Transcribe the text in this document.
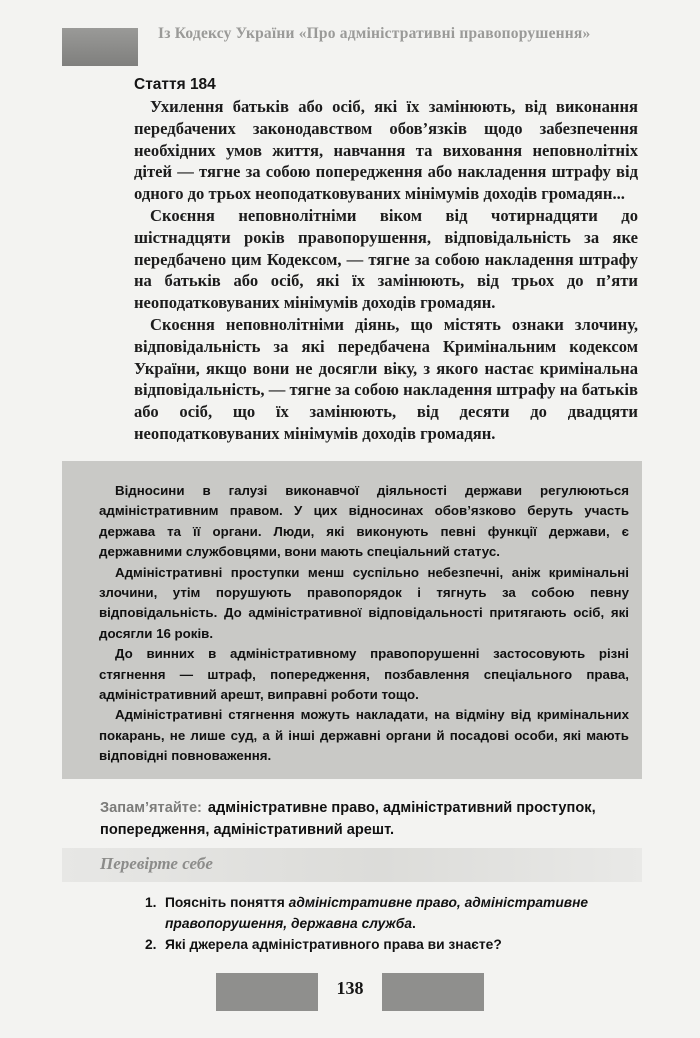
Із Кодексу України «Про адміністративні правопорушення»
Стаття 184

Ухилення батьків або осіб, які їх замінюють, від виконання передбачених законодавством обов’язків щодо забезпечення необхідних умов життя, навчання та виховання неповнолітніх дітей — тягне за собою попередження або накладення штрафу від одного до трьох неоподатковуваних мінімумів доходів громадян...

Скоєння неповнолітніми віком від чотирнадцяти до шістнадцяти років правопорушення, відповідальність за яке передбачено цим Кодексом, — тягне за собою накладення штрафу на батьків або осіб, які їх замінюють, від трьох до п’яти неоподатковуваних мінімумів доходів громадян.

Скоєння неповнолітніми діянь, що містять ознаки злочину, відповідальність за які передбачена Кримінальним кодексом України, якщо вони не досягли віку, з якого настає кримінальна відповідальність, — тягне за собою накладення штрафу на батьків або осіб, що їх замінюють, від десяти до двадцяти неоподатковуваних мінімумів доходів громадян.

Відносини в галузі виконавчої діяльності держави регулюються адміністративним правом. У цих відносинах обов’язково беруть участь держава та її органи. Люди, які виконують певні функції держави, є державними службовцями, вони мають спеціальний статус.

Адміністративні проступки менш суспільно небезпечні, аніж кримінальні злочини, утім порушують правопорядок і тягнуть за собою певну відповідальність. До адміністративної відповідальності притягають осіб, які досягли 16 років.

До винних в адміністративному правопорушенні застосовують різні стягнення — штраф, попередження, позбавлення спеціального права, адміністративний арешт, виправні роботи тощо.

Адміністративні стягнення можуть накладати, на відміну від кримінальних покарань, не лише суд, а й інші державні органи й посадові особи, які мають відповідні повноваження.

Запам’ятайте: адміністративне право, адміністративний проступок, попередження, адміністративний арешт.
Перевірте себе
1. Поясніть поняття адміністративне право, адміністративне правопорушення, державна служба.
2. Які джерела адміністративного права ви знаєте?
138
